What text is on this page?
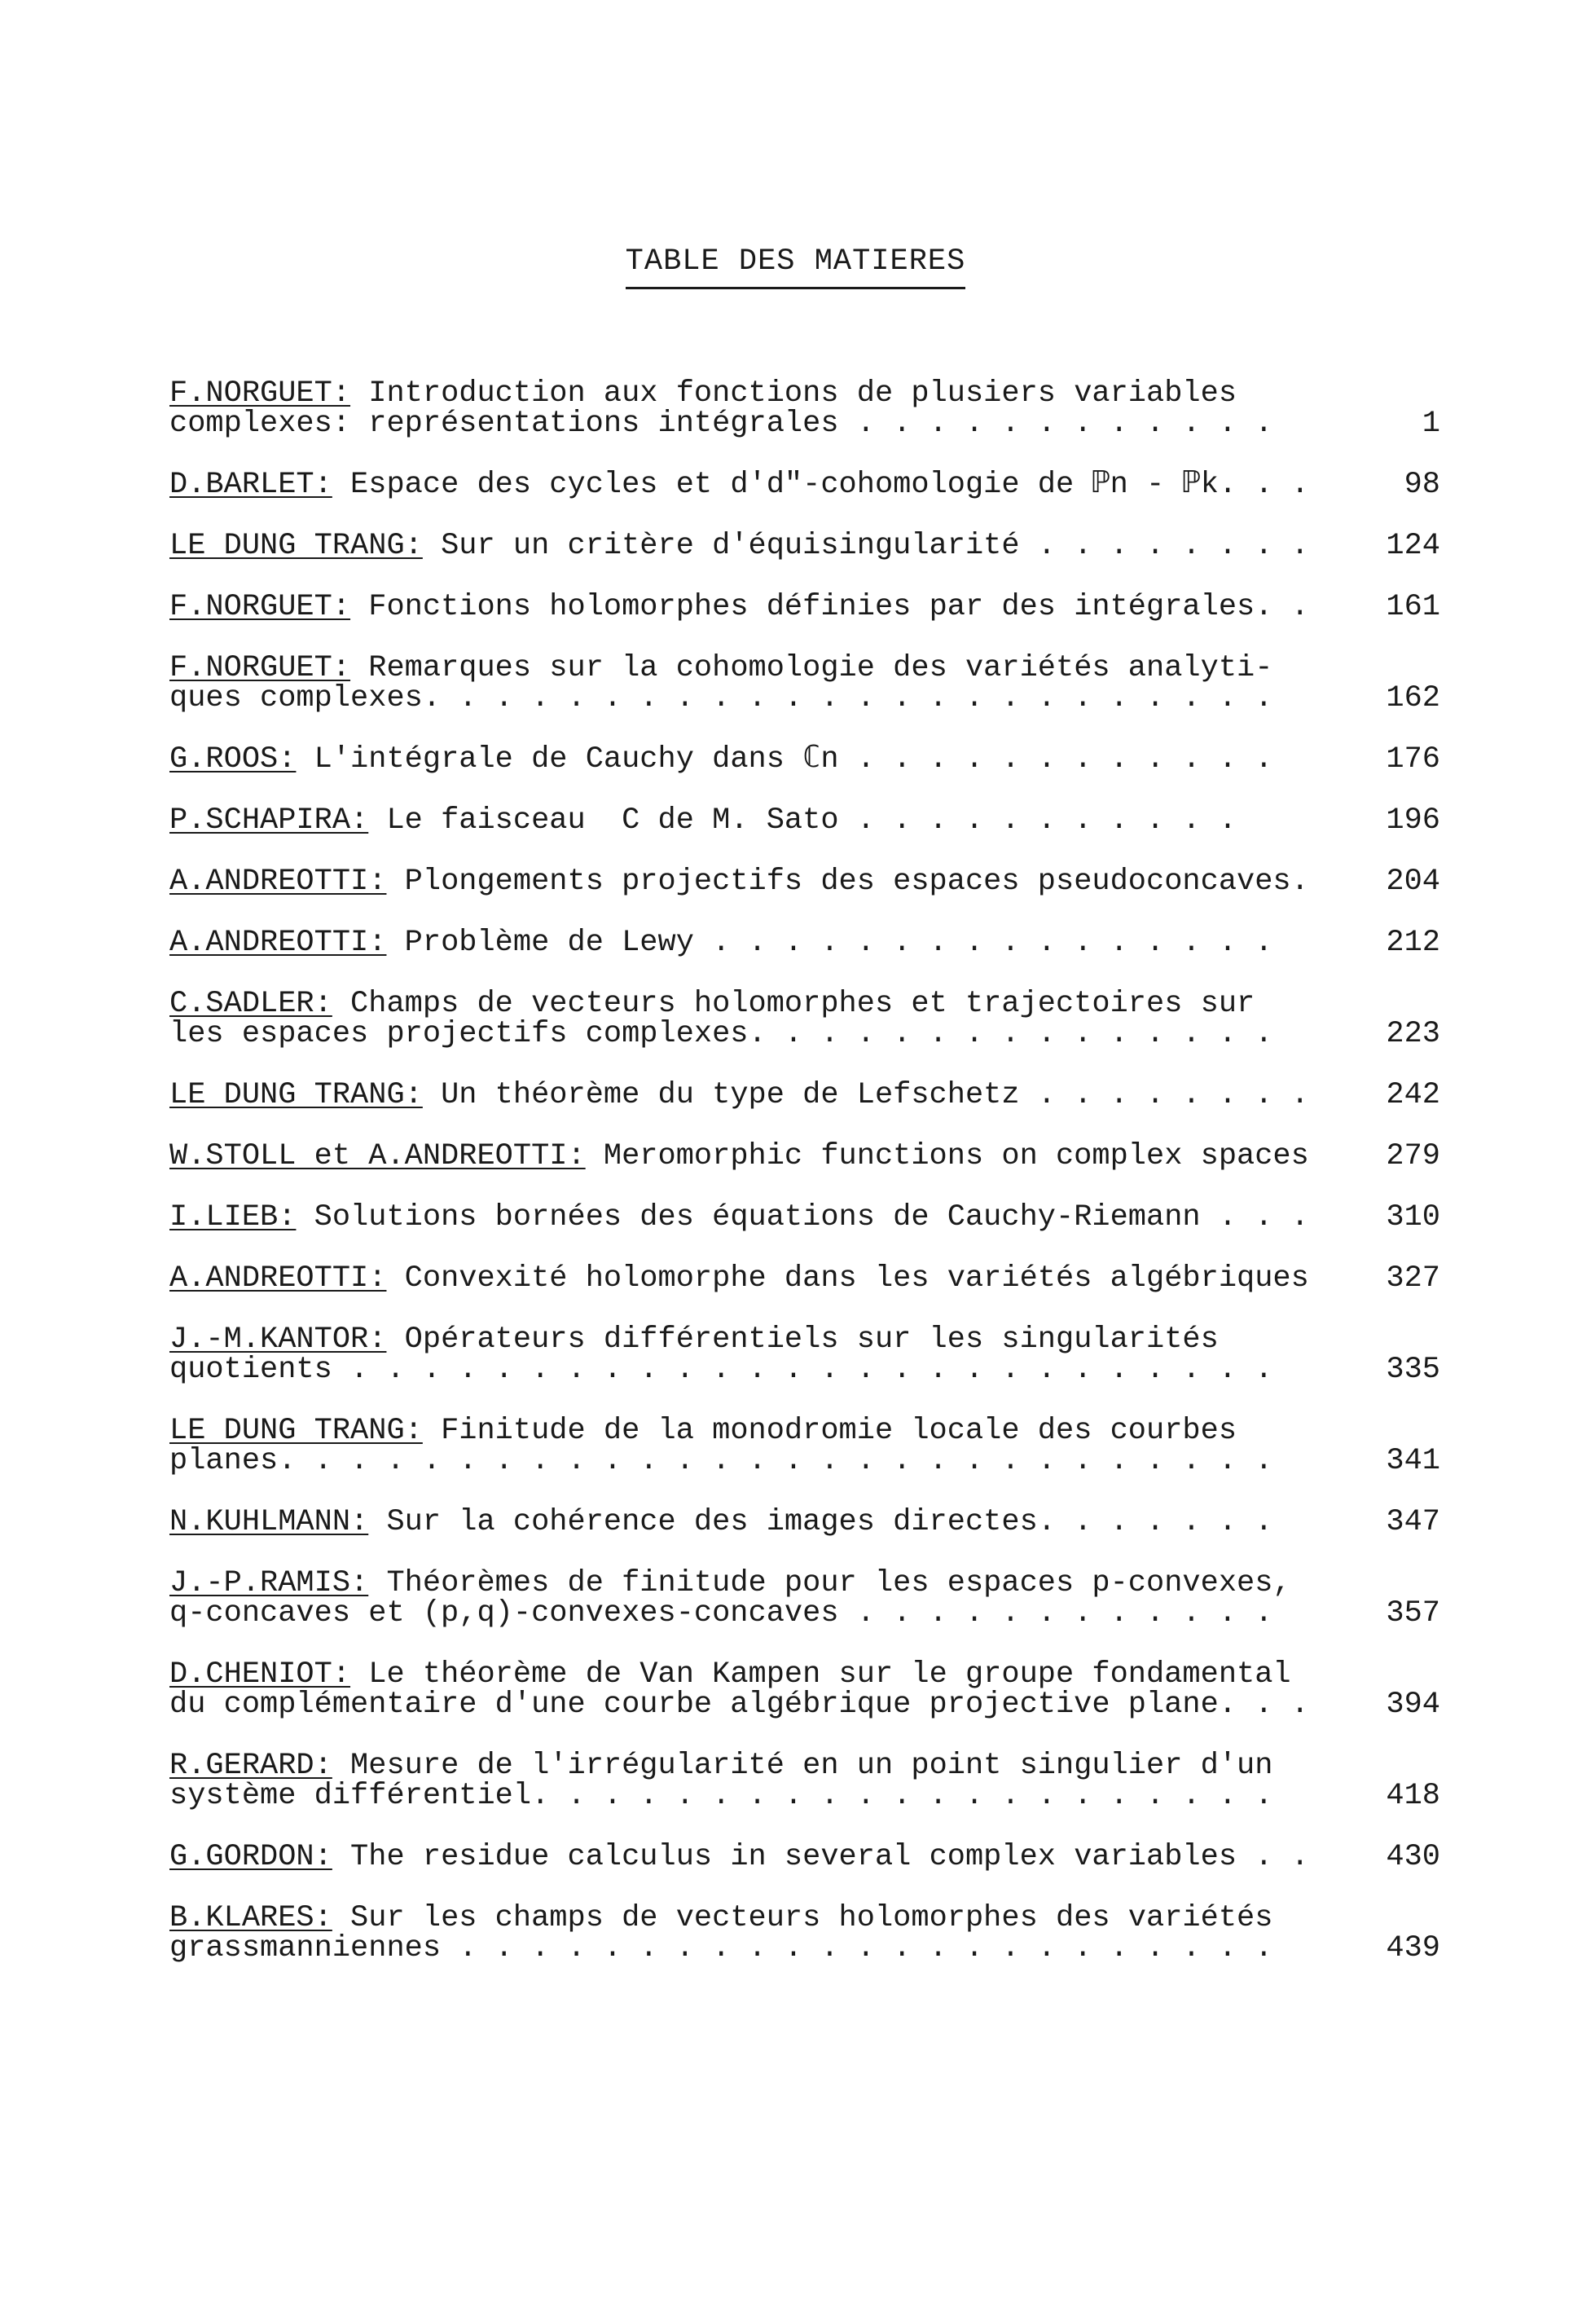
TABLE DES MATIERES
F.NORGUET: Introduction aux fonctions de plusiers variables
complexes: représentations intégrales . . . . . . . . . . . .	1
D.BARLET: Espace des cycles et d'd"-cohomologie de ℙn - ℙk. . .	98
LE DUNG TRANG: Sur un critère d'équisingularité . . . . . . . .	124
F.NORGUET: Fonctions holomorphes définies par des intégrales. .	161
F.NORGUET: Remarques sur la cohomologie des variétés analyti-
ques complexes. . . . . . . . . . . . . . . . . . . . . . . .	162
G.ROOS: L'intégrale de Cauchy dans ℂn . . . . . . . . . . . .	176
P.SCHAPIRA: Le faisceau  C de M. Sato . . . . . . . . . . .	196
A.ANDREOTTI: Plongements projectifs des espaces pseudoconcaves.	204
A.ANDREOTTI: Problème de Lewy . . . . . . . . . . . . . . . .	212
C.SADLER: Champs de vecteurs holomorphes et trajectoires sur
les espaces projectifs complexes. . . . . . . . . . . . . . .	223
LE DUNG TRANG: Un théorème du type de Lefschetz . . . . . . . .	242
W.STOLL et A.ANDREOTTI: Meromorphic functions on complex spaces	279
I.LIEB: Solutions bornées des équations de Cauchy-Riemann . . .	310
A.ANDREOTTI: Convexité holomorphe dans les variétés algébriques	327
J.-M.KANTOR: Opérateurs différentiels sur les singularités
quotients . . . . . . . . . . . . . . . . . . . . . . . . . .	335
LE DUNG TRANG: Finitude de la monodromie locale des courbes
planes. . . . . . . . . . . . . . . . . . . . . . . . . . . .	341
N.KUHLMANN: Sur la cohérence des images directes. . . . . . .	347
J.-P.RAMIS: Théorèmes de finitude pour les espaces p-convexes,
q-concaves et (p,q)-convexes-concaves . . . . . . . . . . . .	357
D.CHENIOT: Le théorème de Van Kampen sur le groupe fondamental
du complémentaire d'une courbe algébrique projective plane. . .	394
R.GERARD: Mesure de l'irrégularité en un point singulier d'un
système différentiel. . . . . . . . . . . . . . . . . . . . .	418
G.GORDON: The residue calculus in several complex variables . .	430
B.KLARES: Sur les champs de vecteurs holomorphes des variétés
grassmanniennes . . . . . . . . . . . . . . . . . . . . . . .	439
